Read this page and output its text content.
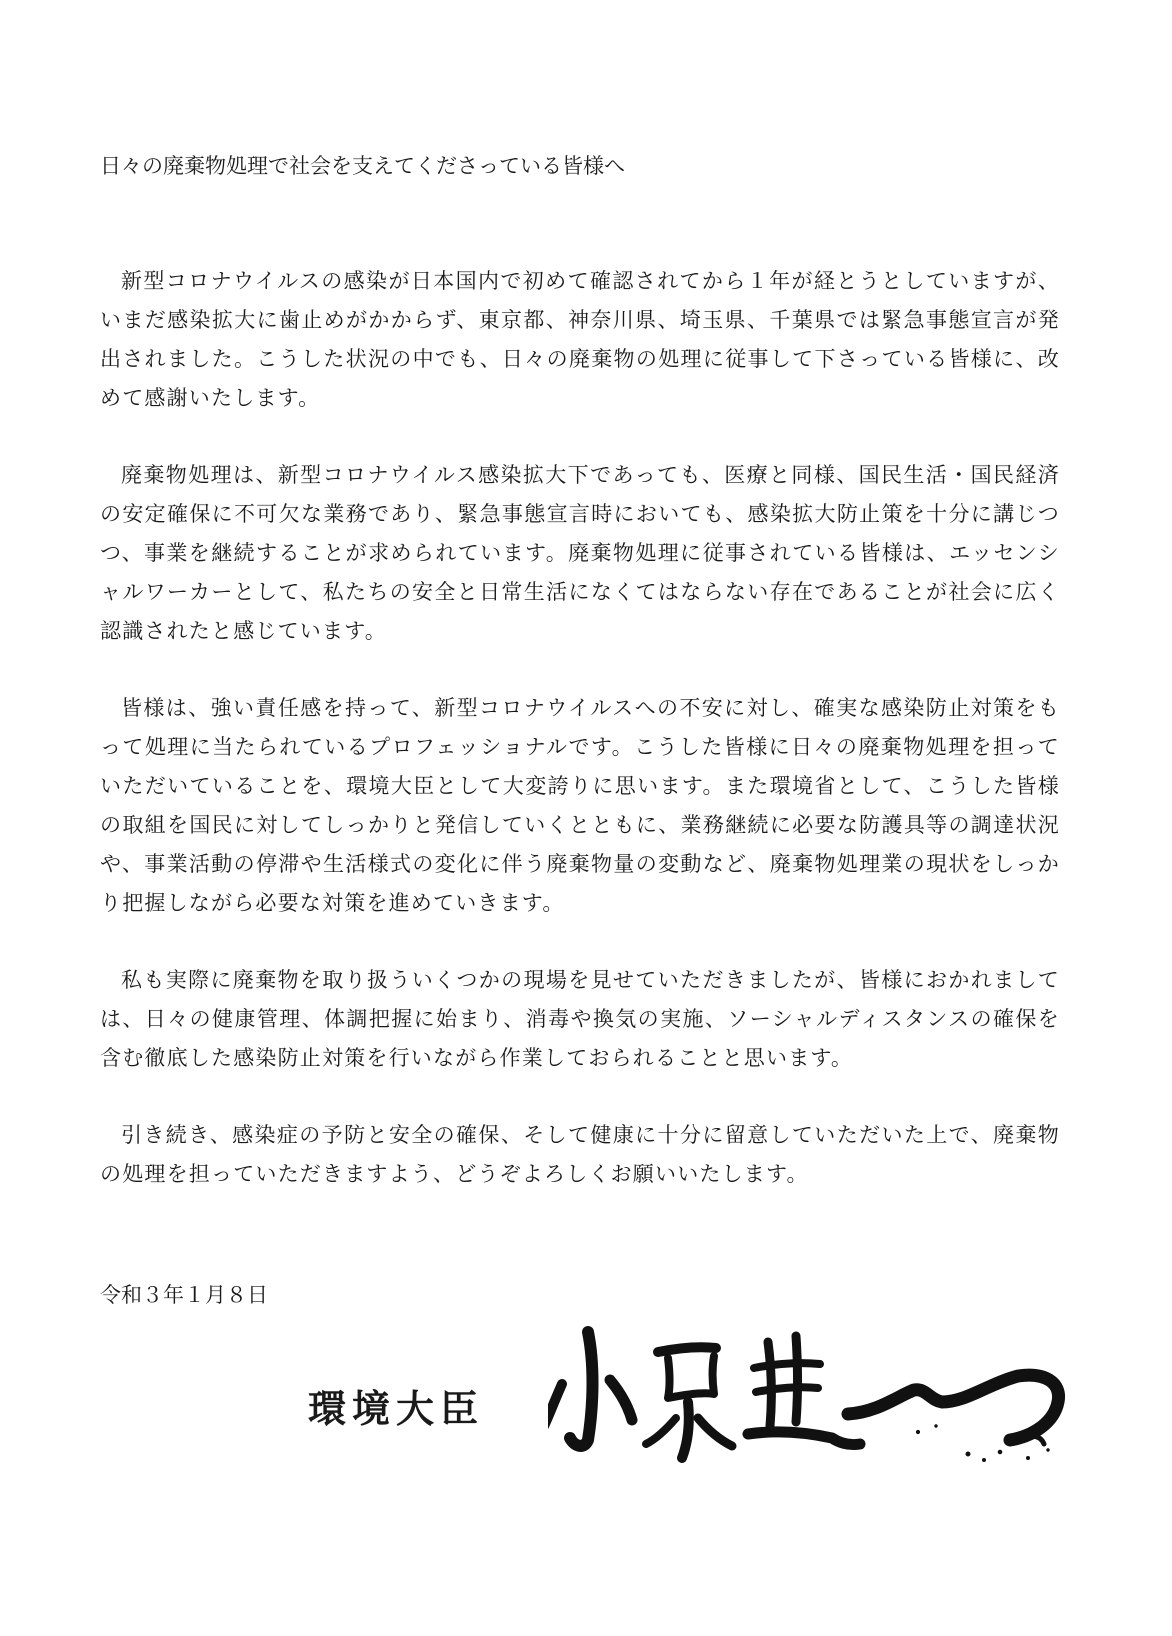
日々の廃棄物処理で社会を支えてくださっている皆様へ

新型コロナウイルスの感染が日本国内で初めて確認されてから１年が経とうとしていますが、いまだ感染拡大に歯止めがかからず、東京都、神奈川県、埼玉県、千葉県では緊急事態宣言が発出されました。こうした状況の中でも、日々の廃棄物の処理に従事して下さっている皆様に、改めて感謝いたします。

廃棄物処理は、新型コロナウイルス感染拡大下であっても、医療と同様、国民生活・国民経済の安定確保に不可欠な業務であり、緊急事態宣言時においても、感染拡大防止策を十分に講じつつ、事業を継続することが求められています。廃棄物処理に従事されている皆様は、エッセンシャルワーカーとして、私たちの安全と日常生活になくてはならない存在であることが社会に広く認識されたと感じています。

皆様は、強い責任感を持って、新型コロナウイルスへの不安に対し、確実な感染防止対策をもって処理に当たられているプロフェッショナルです。こうした皆様に日々の廃棄物処理を担っていただいていることを、環境大臣として大変誇りに思います。また環境省として、こうした皆様の取組を国民に対してしっかりと発信していくとともに、業務継続に必要な防護具等の調達状況や、事業活動の停滞や生活様式の変化に伴う廃棄物量の変動など、廃棄物処理業の現状をしっかり把握しながら必要な対策を進めていきます。

私も実際に廃棄物を取り扱ういくつかの現場を見せていただきましたが、皆様におかれましては、日々の健康管理、体調把握に始まり、消毒や換気の実施、ソーシャルディスタンスの確保を含む徹底した感染防止対策を行いながら作業しておられることと思います。

引き続き、感染症の予防と安全の確保、そして健康に十分に留意していただいた上で、廃棄物の処理を担っていただきますよう、どうぞよろしくお願いいたします。

令和３年１月８日
環境大臣
